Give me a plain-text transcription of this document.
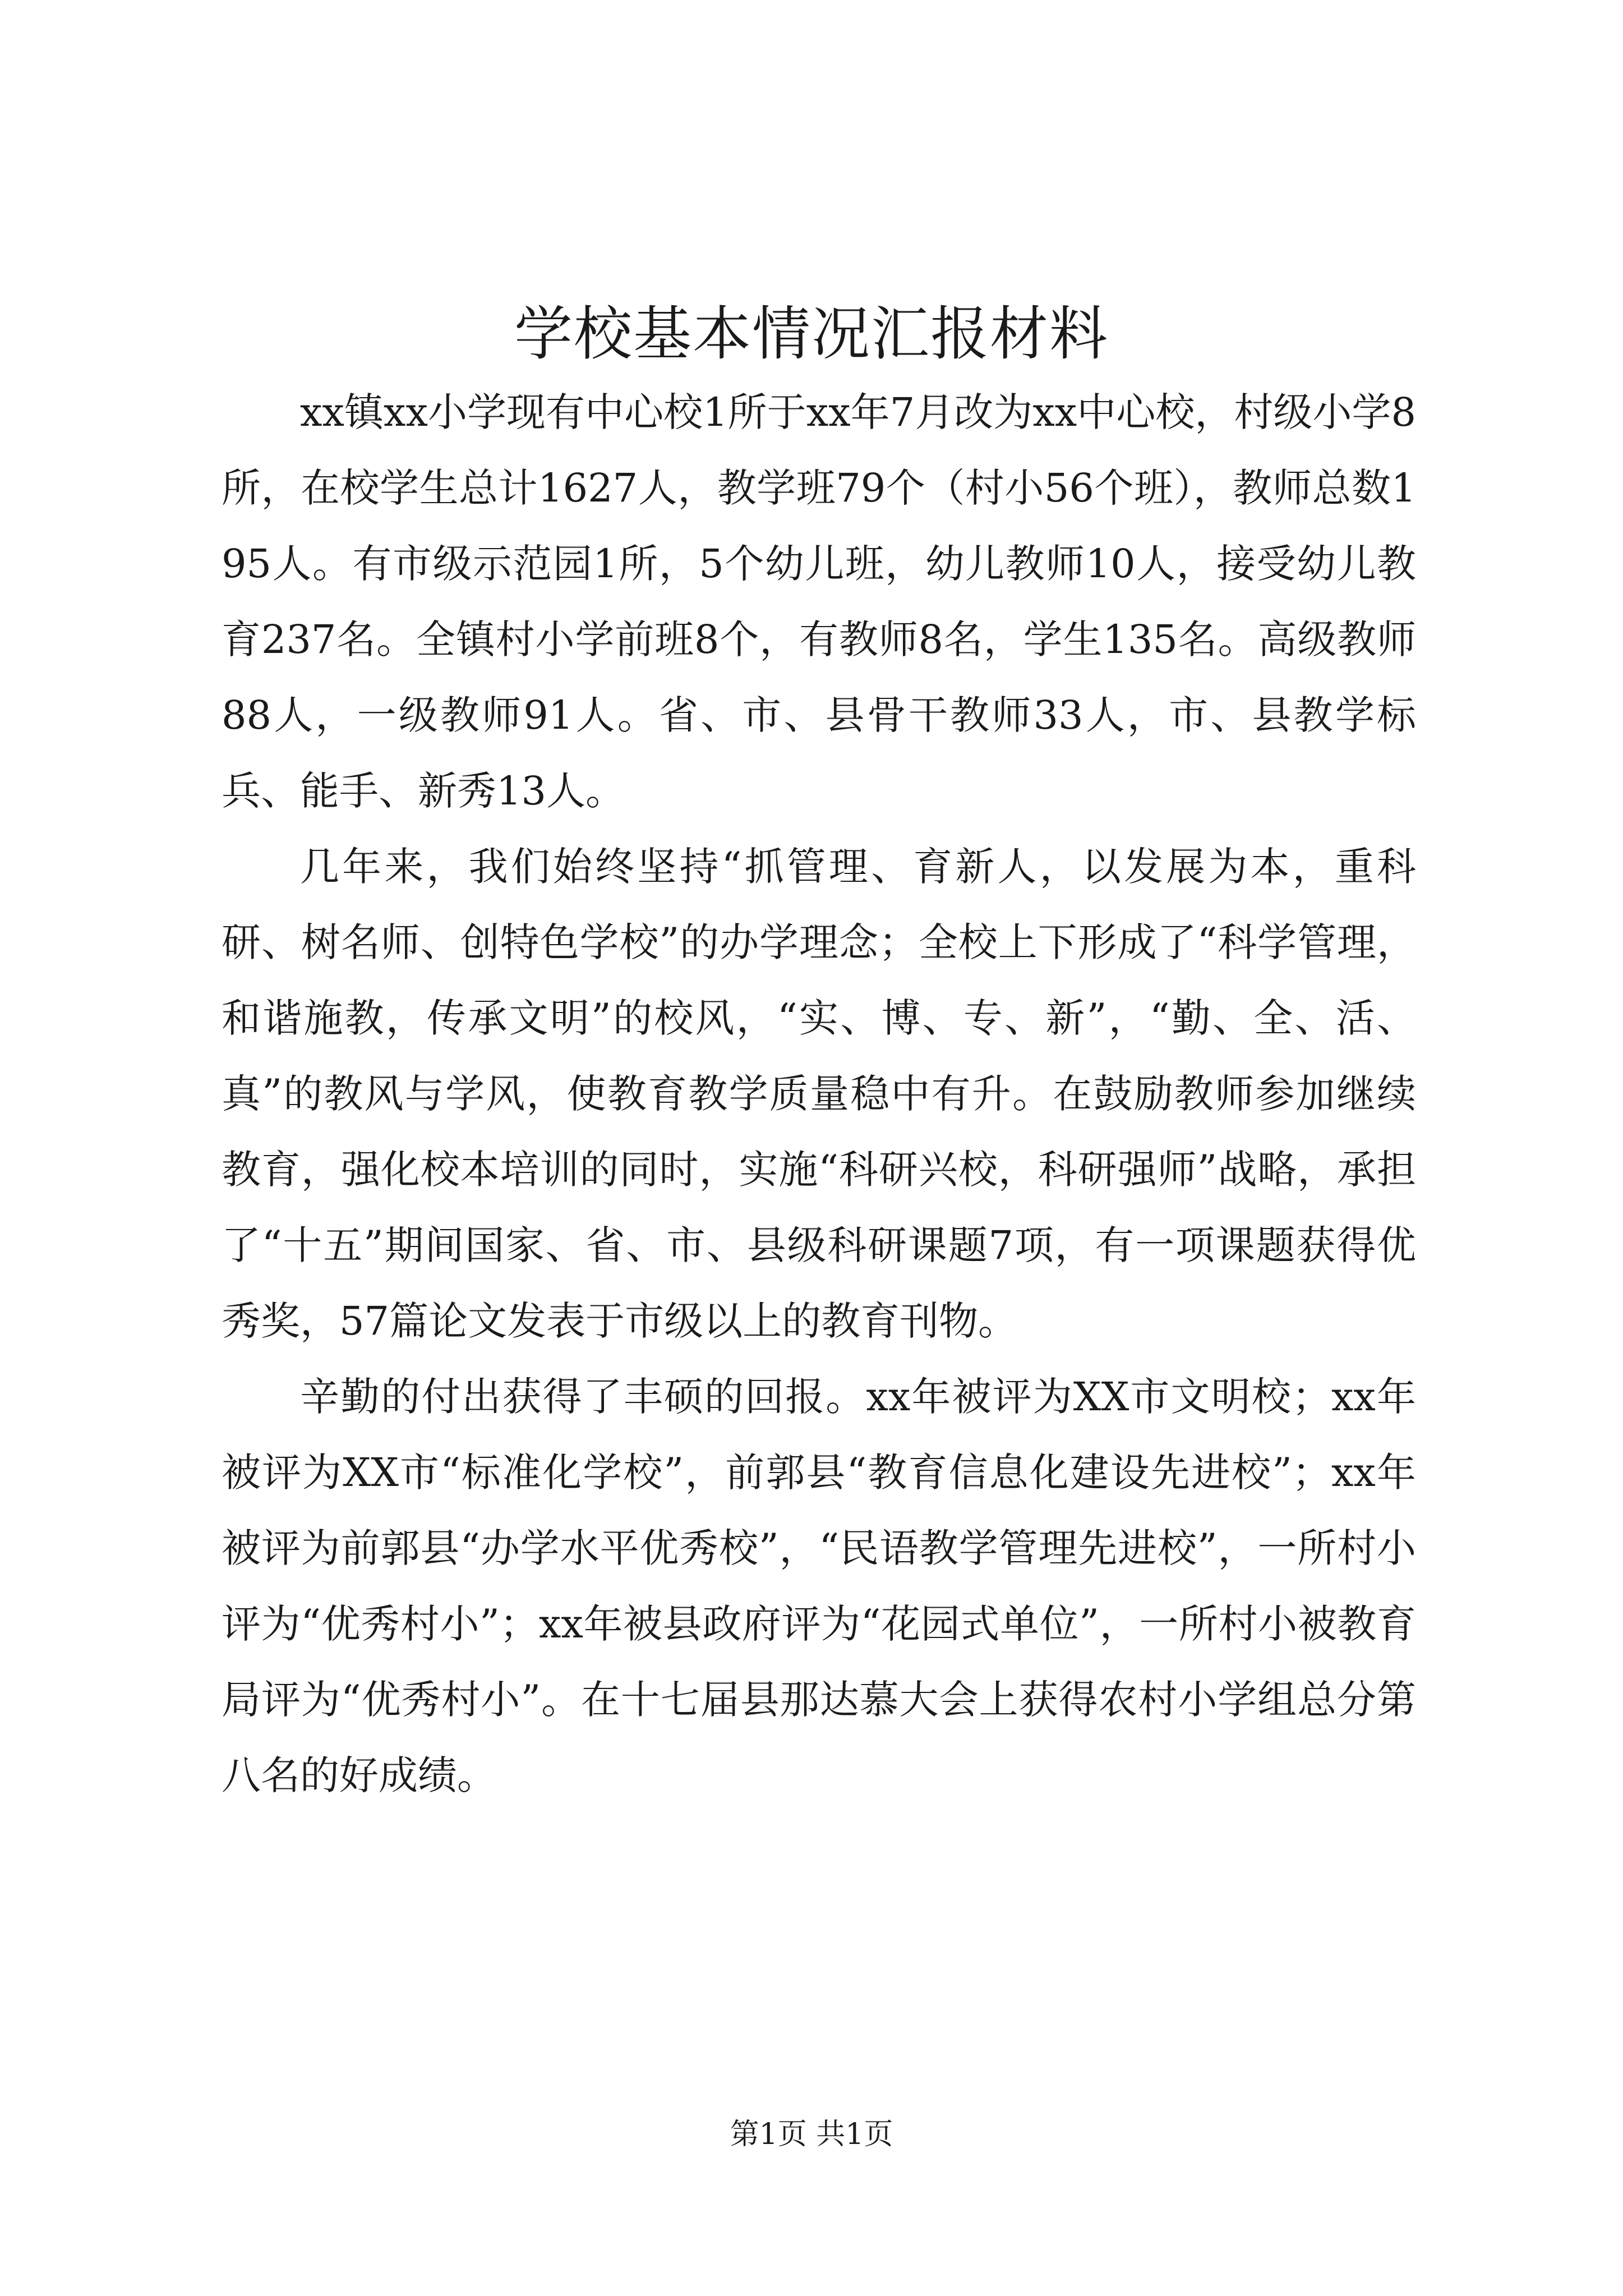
学校基本情况汇报材料

xx镇xx小学现有中心校1所于xx年7月改为xx中心校，村级小学8所，在校学生总计1627人，教学班79个（村小56个班），教师总数195人。有市级示范园1所，5个幼儿班，幼儿教师10人，接受幼儿教育237名。全镇村小学前班8个，有教师8名，学生135名。高级教师88人，一级教师91人。省、市、县骨干教师33人，市、县教学标兵、能手、新秀13人。

几年来，我们始终坚持“抓管理、育新人，以发展为本，重科研、树名师、创特色学校”的办学理念；全校上下形成了“科学管理，和谐施教，传承文明”的校风，“实、博、专、新”，“勤、全、活、真”的教风与学风，使教育教学质量稳中有升。在鼓励教师参加继续教育，强化校本培训的同时，实施“科研兴校，科研强师”战略，承担了“十五”期间国家、省、市、县级科研课题7项，有一项课题获得优秀奖，57篇论文发表于市级以上的教育刊物。

辛勤的付出获得了丰硕的回报。xx年被评为XX市文明校；xx年被评为XX市“标准化学校”，前郭县“教育信息化建设先进校”；xx年被评为前郭县“办学水平优秀校”，“民语教学管理先进校”，一所村小评为“优秀村小”；xx年被县政府评为“花园式单位”，一所村小被教育局评为“优秀村小”。在十七届县那达慕大会上获得农村小学组总分第八名的好成绩。

第1页 共1页
